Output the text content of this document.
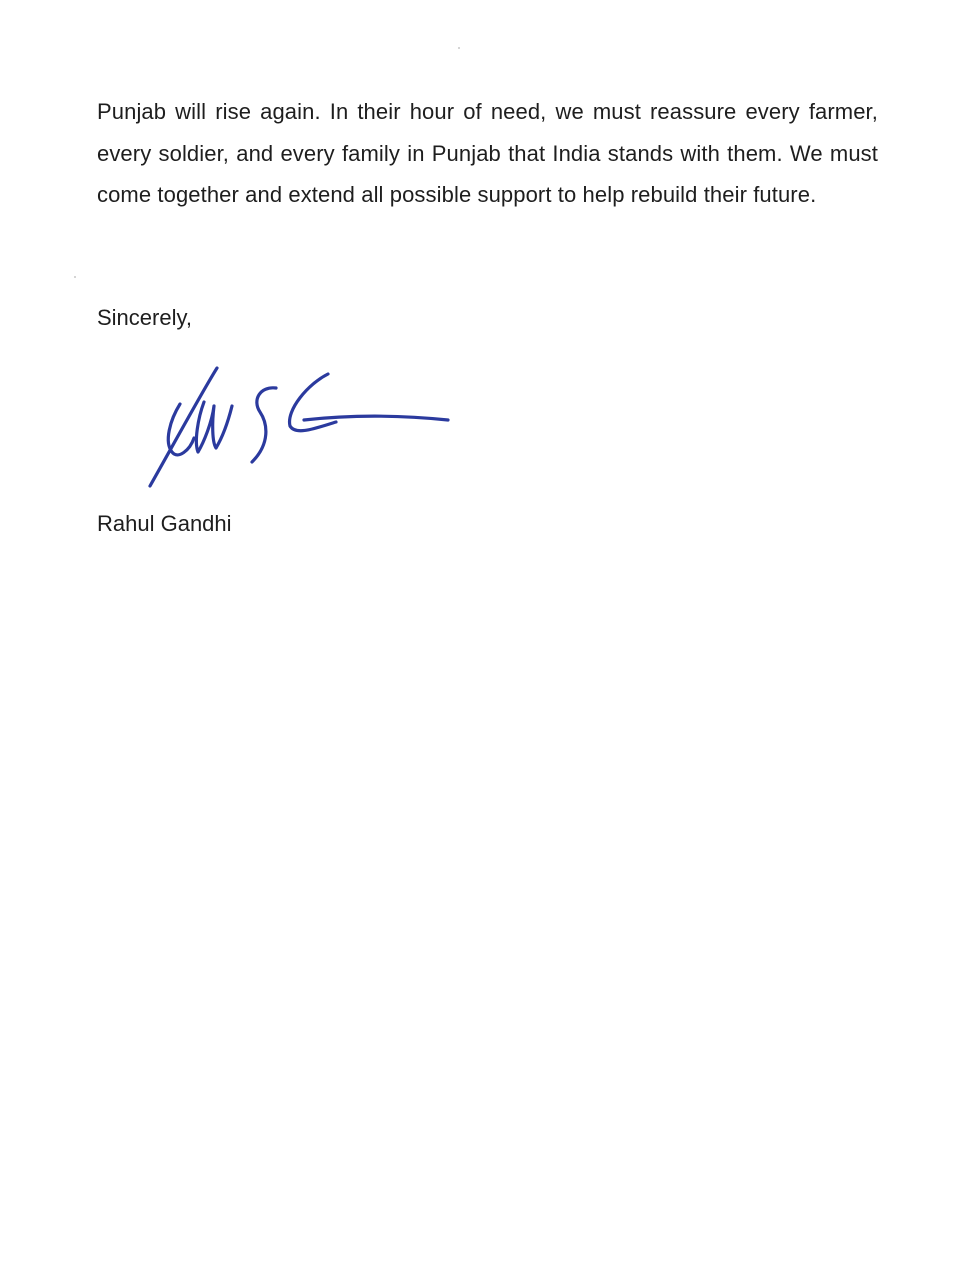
Punjab will rise again. In their hour of need, we must reassure every farmer, every soldier, and every family in Punjab that India stands with them. We must come together and extend all possible support to help rebuild their future.

Sincerely,

Rahul Gandhi
